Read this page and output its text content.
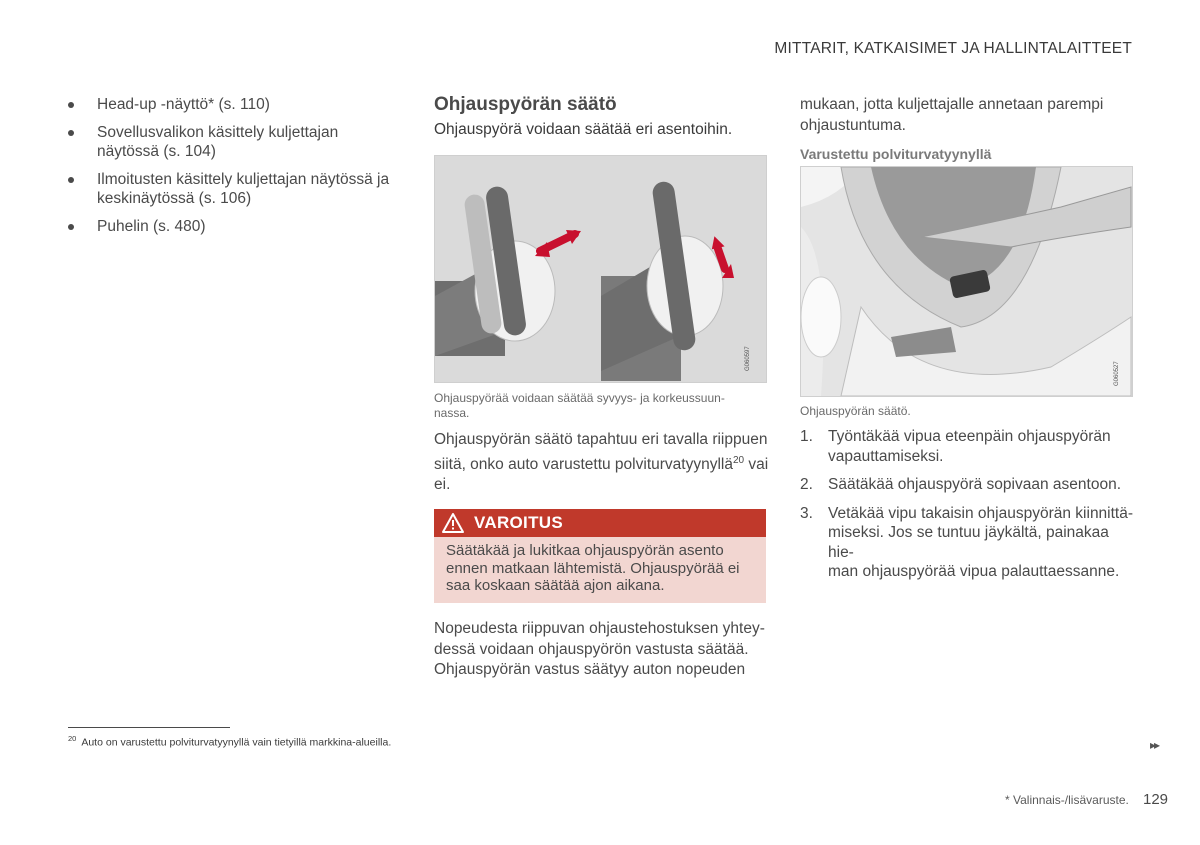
MITTARIT, KATKAISIMET JA HALLINTALAITTEET
Head-up -näyttö* (s. 110)
Sovellusvalikon käsittely kuljettajan näytössä (s. 104)
Ilmoitusten käsittely kuljettajan näytössä ja keskinäytössä (s. 106)
Puhelin (s. 480)
Ohjauspyörän säätö
Ohjauspyörä voidaan säätää eri asentoihin.
G060597
Ohjauspyörää voidaan säätää syvyys- ja korkeussuun-
nassa.
Ohjauspyörän säätö tapahtuu eri tavalla riippuen
siitä, onko auto varustettu polviturvatyynyllä$^{20}$ vai
ei.
VAROITUS
Säätäkää ja lukitkaa ohjauspyörän asento
ennen matkaan lähtemistä. Ohjauspyörää ei
saa koskaan säätää ajon aikana.
Nopeudesta riippuvan ohjaustehostuksen yhtey-
dessä voidaan ohjauspyörön vastusta säätää.
Ohjauspyörän vastus säätyy auton nopeuden
mukaan, jotta kuljettajalle annetaan parempi
ohjaustuntuma.
Varustettu polviturvatyynyllä
G060527
Ohjauspyörän säätö.
1. Työntäkää vipua eteenpäin ohjauspyörän
vapauttamiseksi.
2. Säätäkää ohjauspyörä sopivaan asentoon.
3. Vetäkää vipu takaisin ohjauspyörän kiinnittä-
miseksi. Jos se tuntuu jäykältä, painakaa hie-
man ohjauspyörää vipua palauttaessanne.
$^{20}$ Auto on varustettu polviturvatyynyllä vain tietyillä markkina-alueilla.	▸▸
* Valinnais-/lisävaruste. 129
